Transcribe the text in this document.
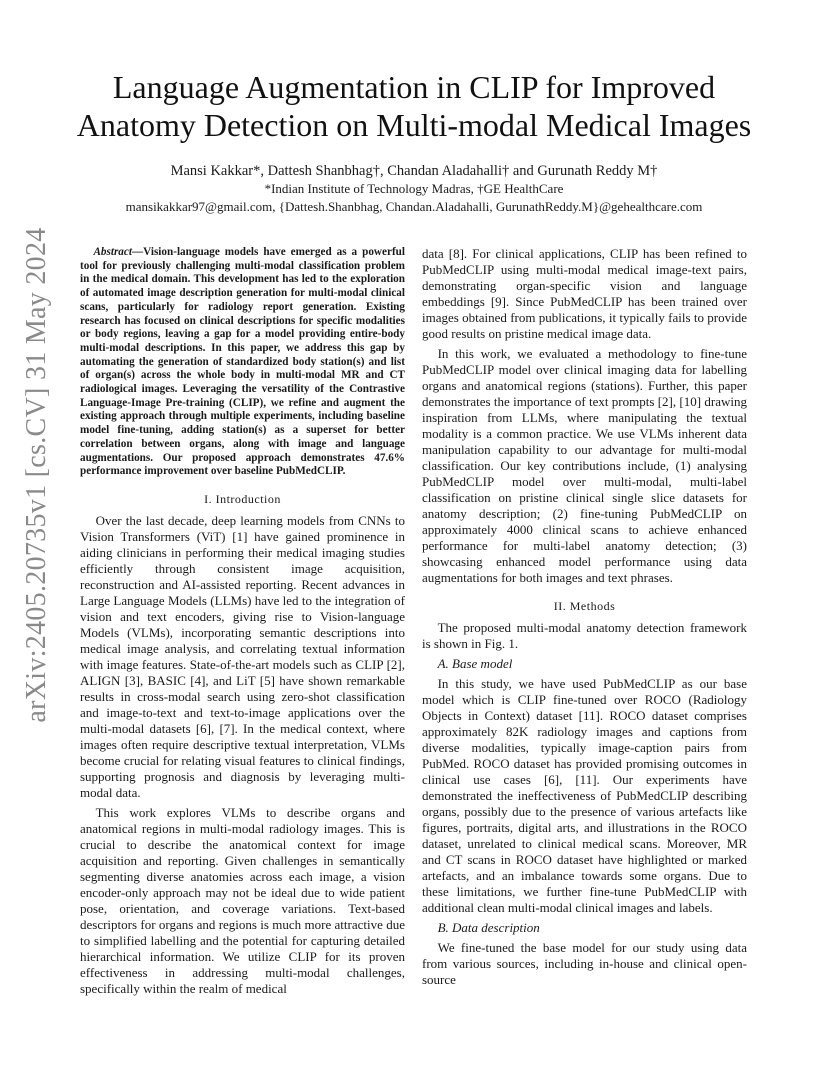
arXiv:2405.20735v1 [cs.CV] 31 May 2024
Language Augmentation in CLIP for Improved Anatomy Detection on Multi-modal Medical Images
Mansi Kakkar*, Dattesh Shanbhag†, Chandan Aladahalli† and Gurunath Reddy M†
*Indian Institute of Technology Madras, †GE HealthCare
mansikakkar97@gmail.com, {Dattesh.Shanbhag, Chandan.Aladahalli, GurunathReddy.M}@gehealthcare.com

Abstract—Vision-language models have emerged as a powerful tool for previously challenging multi-modal classification problem in the medical domain. This development has led to the exploration of automated image description generation for multi-modal clinical scans, particularly for radiology report generation. Existing research has focused on clinical descriptions for specific modalities or body regions, leaving a gap for a model providing entire-body multi-modal descriptions. In this paper, we address this gap by automating the generation of standardized body station(s) and list of organ(s) across the whole body in multi-modal MR and CT radiological images. Leveraging the versatility of the Contrastive Language-Image Pre-training (CLIP), we refine and augment the existing approach through multiple experiments, including baseline model fine-tuning, adding station(s) as a superset for better correlation between organs, along with image and language augmentations. Our proposed approach demonstrates 47.6% performance improvement over baseline PubMedCLIP.

I. Introduction

Over the last decade, deep learning models from CNNs to Vision Transformers (ViT) [1] have gained prominence in aiding clinicians in performing their medical imaging studies efficiently through consistent image acquisition, reconstruction and AI-assisted reporting. Recent advances in Large Language Models (LLMs) have led to the integration of vision and text encoders, giving rise to Vision-language Models (VLMs), incorporating semantic descriptions into medical image analysis, and correlating textual information with image features. State-of-the-art models such as CLIP [2], ALIGN [3], BASIC [4], and LiT [5] have shown remarkable results in cross-modal search using zero-shot classification and image-to-text and text-to-image applications over the multi-modal datasets [6], [7]. In the medical context, where images often require descriptive textual interpretation, VLMs become crucial for relating visual features to clinical findings, supporting prognosis and diagnosis by leveraging multi-modal data.

This work explores VLMs to describe organs and anatomical regions in multi-modal radiology images. This is crucial to describe the anatomical context for image acquisition and reporting. Given challenges in semantically segmenting diverse anatomies across each image, a vision encoder-only approach may not be ideal due to wide patient pose, orientation, and coverage variations. Text-based descriptors for organs and regions is much more attractive due to simplified labelling and the potential for capturing detailed hierarchical information. We utilize CLIP for its proven effectiveness in addressing multi-modal challenges, specifically within the realm of medical

data [8]. For clinical applications, CLIP has been refined to PubMedCLIP using multi-modal medical image-text pairs, demonstrating organ-specific vision and language embeddings [9]. Since PubMedCLIP has been trained over images obtained from publications, it typically fails to provide good results on pristine medical image data.

In this work, we evaluated a methodology to fine-tune PubMedCLIP model over clinical imaging data for labelling organs and anatomical regions (stations). Further, this paper demonstrates the importance of text prompts [2], [10] drawing inspiration from LLMs, where manipulating the textual modality is a common practice. We use VLMs inherent data manipulation capability to our advantage for multi-modal classification. Our key contributions include, (1) analysing PubMedCLIP model over multi-modal, multi-label classification on pristine clinical single slice datasets for anatomy description; (2) fine-tuning PubMedCLIP on approximately 4000 clinical scans to achieve enhanced performance for multi-label anatomy detection; (3) showcasing enhanced model performance using data augmentations for both images and text phrases.

II. Methods

The proposed multi-modal anatomy detection framework is shown in Fig. 1.

A. Base model

In this study, we have used PubMedCLIP as our base model which is CLIP fine-tuned over ROCO (Radiology Objects in Context) dataset [11]. ROCO dataset comprises approximately 82K radiology images and captions from diverse modalities, typically image-caption pairs from PubMed. ROCO dataset has provided promising outcomes in clinical use cases [6], [11]. Our experiments have demonstrated the ineffectiveness of PubMedCLIP describing organs, possibly due to the presence of various artefacts like figures, portraits, digital arts, and illustrations in the ROCO dataset, unrelated to clinical medical scans. Moreover, MR and CT scans in ROCO dataset have highlighted or marked artefacts, and an imbalance towards some organs. Due to these limitations, we further fine-tune PubMedCLIP with additional clean multi-modal clinical images and labels.

B. Data description

We fine-tuned the base model for our study using data from various sources, including in-house and clinical open-source
